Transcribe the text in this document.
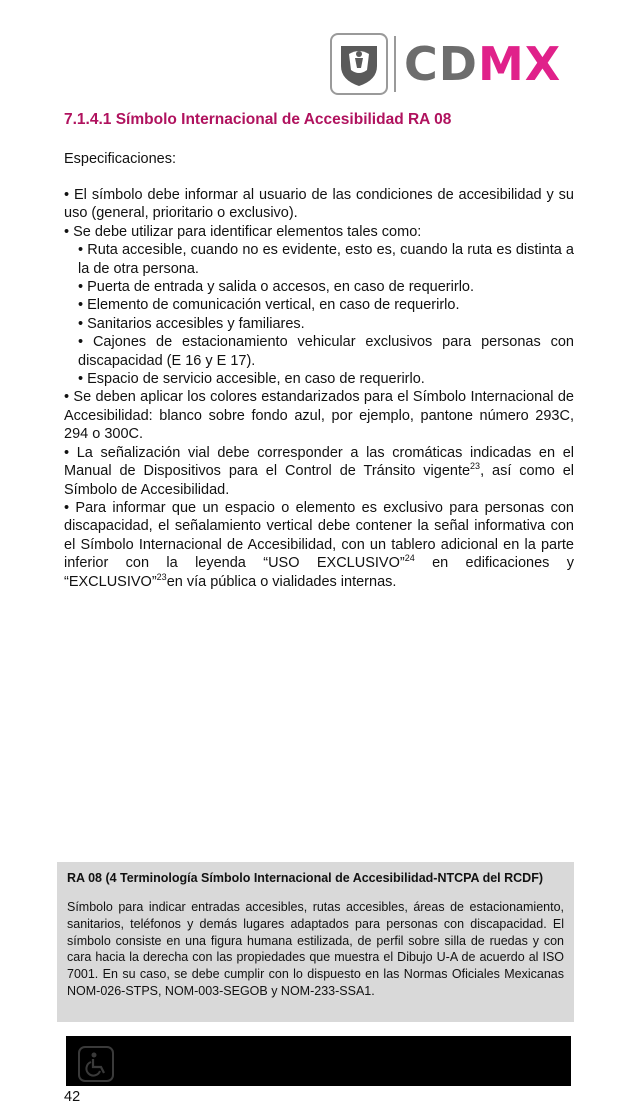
CDMX
7.1.4.1 Símbolo Internacional de Accesibilidad RA 08

Especificaciones:

• El símbolo debe informar al usuario de las condiciones de accesibilidad y su uso (general, prioritario o exclusivo).

• Se debe utilizar para identificar elementos tales como:

• Ruta accesible, cuando no es evidente, esto es, cuando la ruta es distinta a la de otra persona.

• Puerta de entrada y salida o accesos, en caso de requerirlo.

• Elemento de comunicación vertical, en caso de requerirlo.

• Sanitarios accesibles y familiares.

• Cajones de estacionamiento vehicular exclusivos para personas con discapacidad (E 16 y E 17).

• Espacio de servicio accesible, en caso de requerirlo.

• Se deben aplicar los colores estandarizados para el Símbolo Internacional de Accesibilidad: blanco sobre fondo azul, por ejemplo, pantone número 293C, 294 o 300C.

• La señalización vial debe corresponder a las cromáticas indicadas en el Manual de Dispositivos para el Control de Tránsito vigente$^{23}$, así como el Símbolo de Accesibilidad.

• Para informar que un espacio o elemento es exclusivo para personas con discapacidad, el señalamiento vertical debe contener la señal informativa con el Símbolo Internacional de Accesibilidad, con un tablero adicional en la parte inferior con la leyenda “USO EXCLUSIVO”$^{24}$ en edificaciones y “EXCLUSIVO”$^{23}$en vía pública o vialidades internas.

RA 08 (4 Terminología Símbolo Internacional de Accesibilidad-NTCPA del RCDF)

Símbolo para indicar entradas accesibles, rutas accesibles, áreas de estacionamiento, sanitarios, teléfonos y demás lugares adaptados para personas con discapacidad. El símbolo consiste en una figura humana estilizada, de perfil sobre silla de ruedas y con cara hacia la derecha con las propiedades que muestra el Dibujo U-A de acuerdo al ISO 7001. En su caso, se debe cumplir con lo dispuesto en las Normas Oficiales Mexicanas NOM-026-STPS, NOM-003-SEGOB y NOM-233-SSA1.

42
